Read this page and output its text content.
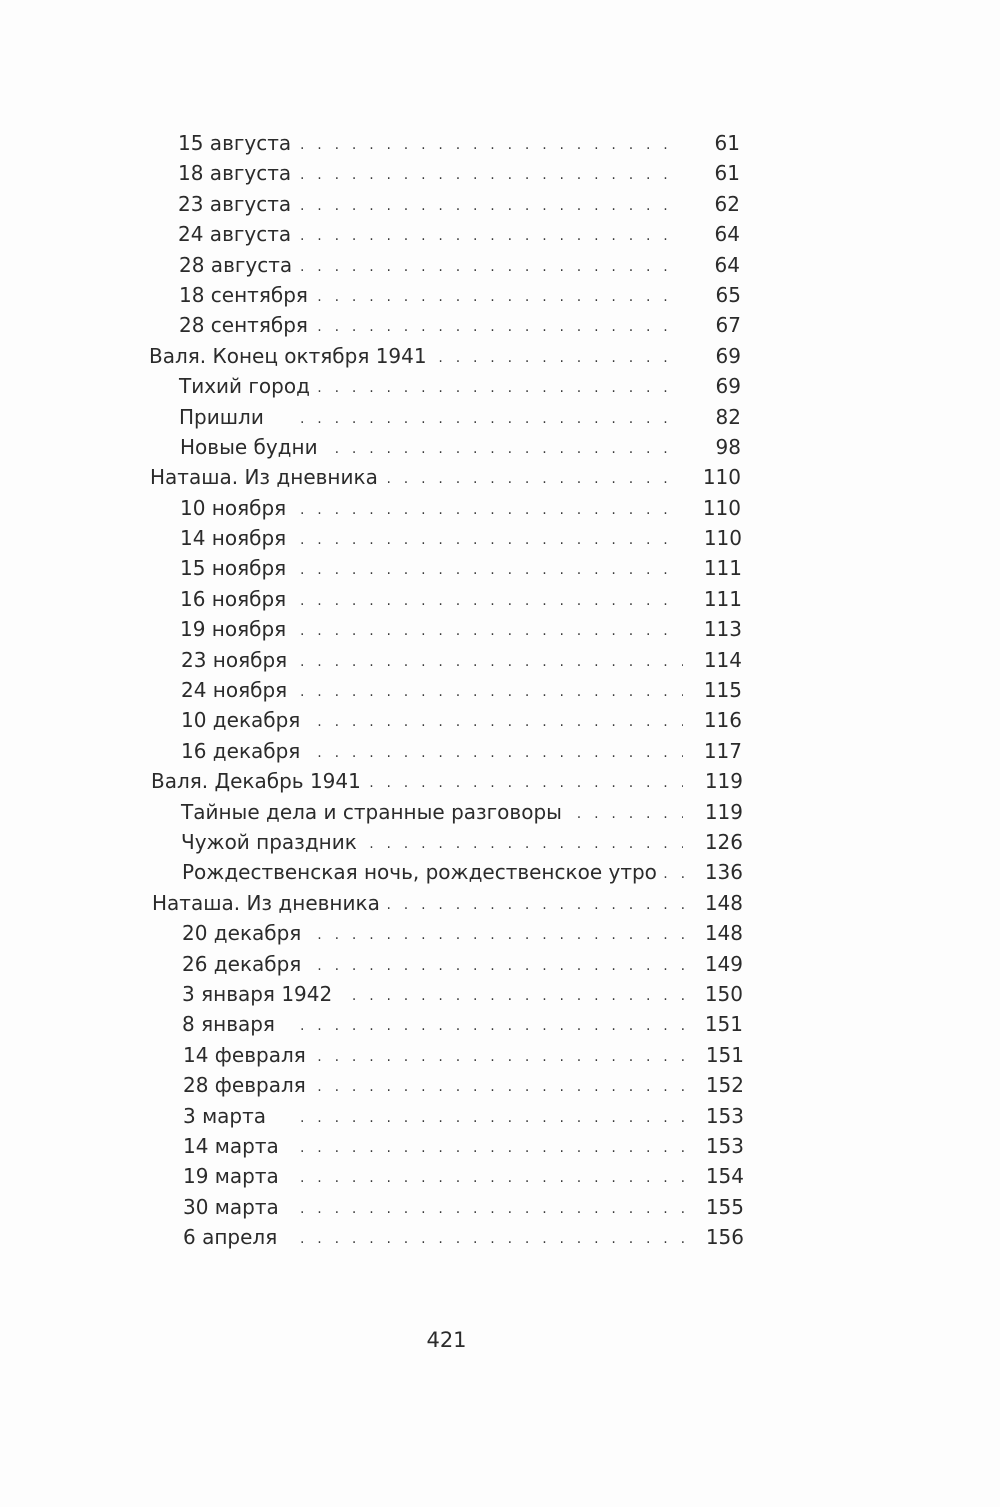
. . .
15 августа	61
. . .
18 августа	61
. . .
23 августа	62
. . .
24 августа	64
. . .
28 августа	64
. . .
18 сентября	65
. . .
28 сентября	67
. . .
Валя. Конец октября 1941	69
. . .
Тихий город	69
. . .
Пришли	82
. . .
Новые будни	98
. . .
Наташа. Из дневника	110
. . .
10 ноября	110
. . .
14 ноября	110
. . .
15 ноября	111
. . .
16 ноября	111
. . .
19 ноября	113
. . .
23 ноября	114
. . .
24 ноября	115
. . .
10 декабря	116
. . .
16 декабря	117
. . .
Валя. Декабрь 1941	119
. . .
Тайные дела и странные разговоры	119
. . .
Чужой праздник	126
. . .
Рождественская ночь, рождественское утро	136
. . .
Наташа. Из дневника	148
. . .
20 декабря	148
. . .
26 декабря	149
. . .
3 января 1942	150
. . .
8 января	151
. . .
14 февраля	151
. . .
28 февраля	152
. . .
3 марта	153
. . .
14 марта	153
. . .
19 марта	154
. . .
30 марта	155
. . .
6 апреля	156
421
